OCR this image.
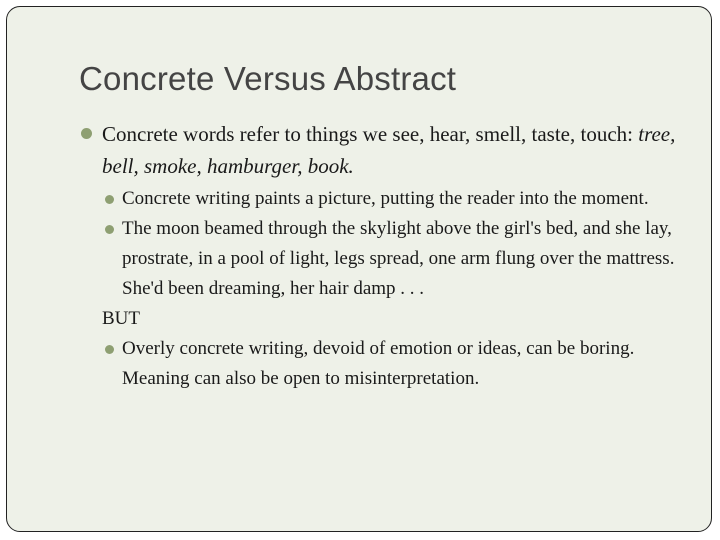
Concrete Versus Abstract

Concrete words refer to things we see, hear, smell, taste, touch: tree, bell, smoke, hamburger, book.

Concrete writing paints a picture, putting the reader into the moment.

The moon beamed through the skylight above the girl's bed, and she lay, prostrate, in a pool of light, legs spread, one arm flung over the mattress. She'd been dreaming, her hair damp . . .

BUT

Overly concrete writing, devoid of emotion or ideas, can be boring. Meaning can also be open to misinterpretation.
